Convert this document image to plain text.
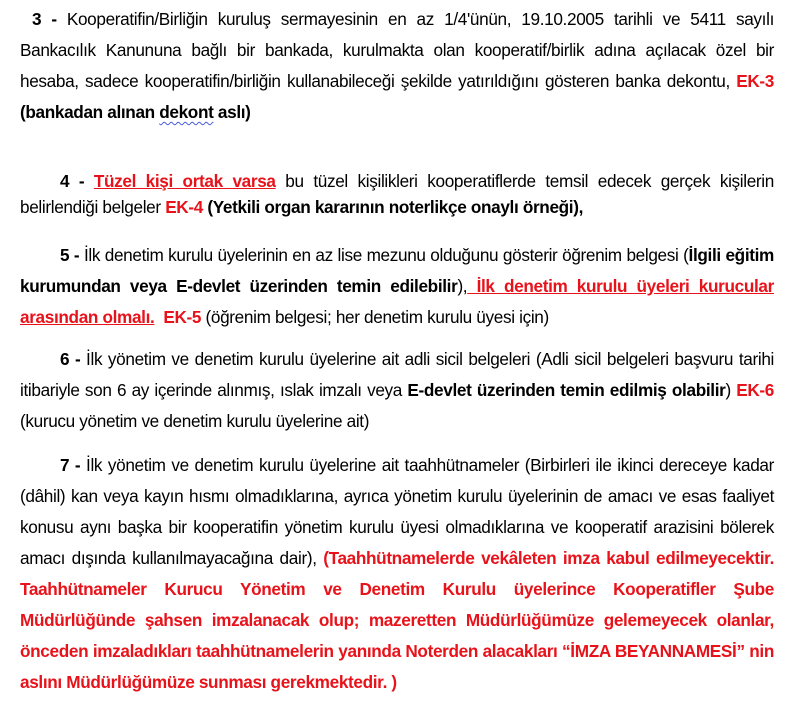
3 - Kooperatifin/Birliğin kuruluş sermayesinin en az 1/4'ünün, 19.10.2005 tarihli ve 5411 sayılı Bankacılık Kanununa bağlı bir bankada, kurulmakta olan kooperatif/birlik adına açılacak özel bir hesaba, sadece kooperatifin/birliğin kullanabileceği şekilde yatırıldığını gösteren banka dekontu, EK-3 (bankadan alınan dekont aslı)

4 - Tüzel kişi ortak varsa bu tüzel kişilikleri kooperatiflerde temsil edecek gerçek kişilerin belirlendiği belgeler EK-4 (Yetkili organ kararının noterlikçe onaylı örneği),

5 - İlk denetim kurulu üyelerinin en az lise mezunu olduğunu gösterir öğrenim belgesi (İlgili eğitim kurumundan veya E-devlet üzerinden temin edilebilir), İlk denetim kurulu üyeleri kurucular arasından olmalı. EK-5 (öğrenim belgesi; her denetim kurulu üyesi için)

6 - İlk yönetim ve denetim kurulu üyelerine ait adli sicil belgeleri (Adli sicil belgeleri başvuru tarihi itibariyle son 6 ay içerinde alınmış, ıslak imzalı veya E-devlet üzerinden temin edilmiş olabilir) EK-6 (kurucu yönetim ve denetim kurulu üyelerine ait)

7 - İlk yönetim ve denetim kurulu üyelerine ait taahhütnameler (Birbirleri ile ikinci dereceye kadar (dâhil) kan veya kayın hısmı olmadıklarına, ayrıca yönetim kurulu üyelerinin de amacı ve esas faaliyet konusu aynı başka bir kooperatifin yönetim kurulu üyesi olmadıklarına ve kooperatif arazisini bölerek amacı dışında kullanılmayacağına dair), (Taahhütnamelerde vekâleten imza kabul edilmeyecektir. Taahhütnameler Kurucu Yönetim ve Denetim Kurulu üyelerince Kooperatifler Şube Müdürlüğünde şahsen imzalanacak olup; mazeretten Müdürlüğümüze gelemeyecek olanlar, önceden imzaladıkları taahhütnamelerin yanında Noterden alacakları “İMZA BEYANNAMESİ” nin aslını Müdürlüğümüze sunması gerekmektedir. )
